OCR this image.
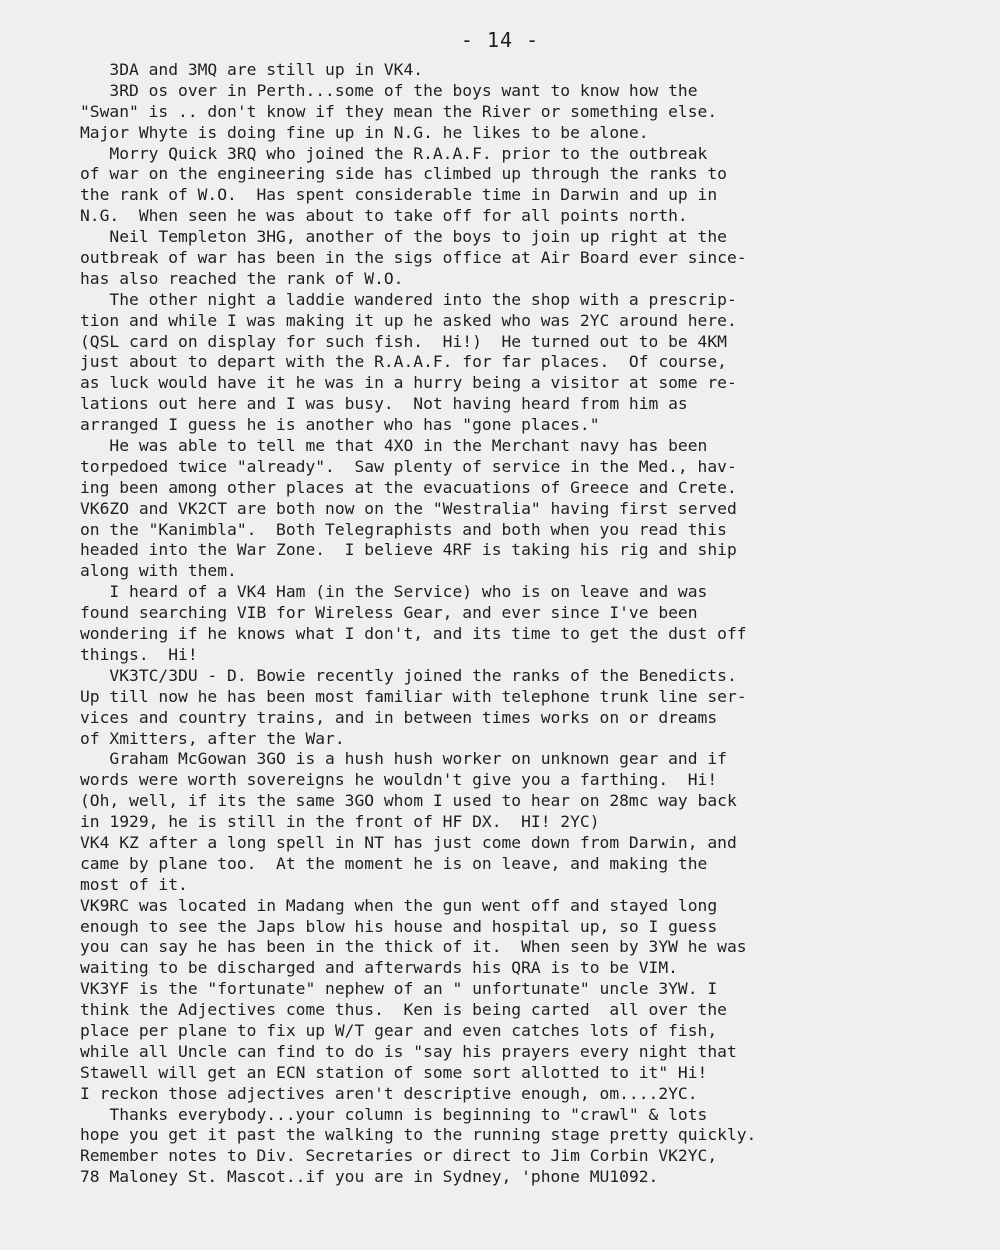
- 14 -
3DA and 3MQ are still up in VK4.
3RD os over in Perth...some of the boys want to know how the
"Swan" is .. don't know if they mean the River or something else.
Major Whyte is doing fine up in N.G. he likes to be alone.
Morry Quick 3RQ who joined the R.A.A.F. prior to the outbreak
of war on the engineering side has climbed up through the ranks to
the rank of W.O.  Has spent considerable time in Darwin and up in
N.G.  When seen he was about to take off for all points north.
Neil Templeton 3HG, another of the boys to join up right at the
outbreak of war has been in the sigs office at Air Board ever since-
has also reached the rank of W.O.
The other night a laddie wandered into the shop with a prescrip-
tion and while I was making it up he asked who was 2YC around here.
(QSL card on display for such fish.  Hi!)  He turned out to be 4KM
just about to depart with the R.A.A.F. for far places.  Of course,
as luck would have it he was in a hurry being a visitor at some re-
lations out here and I was busy.  Not having heard from him as
arranged I guess he is another who has "gone places."
He was able to tell me that 4XO in the Merchant navy has been
torpedoed twice "already".  Saw plenty of service in the Med., hav-
ing been among other places at the evacuations of Greece and Crete.
VK6ZO and VK2CT are both now on the "Westralia" having first served
on the "Kanimbla".  Both Telegraphists and both when you read this
headed into the War Zone.  I believe 4RF is taking his rig and ship
along with them.
I heard of a VK4 Ham (in the Service) who is on leave and was
found searching VIB for Wireless Gear, and ever since I've been
wondering if he knows what I don't, and its time to get the dust off
things.  Hi!
VK3TC/3DU - D. Bowie recently joined the ranks of the Benedicts.
Up till now he has been most familiar with telephone trunk line ser-
vices and country trains, and in between times works on or dreams
of Xmitters, after the War.
Graham McGowan 3GO is a hush hush worker on unknown gear and if
words were worth sovereigns he wouldn't give you a farthing.  Hi!
(Oh, well, if its the same 3GO whom I used to hear on 28mc way back
in 1929, he is still in the front of HF DX.  HI! 2YC)
VK4 KZ after a long spell in NT has just come down from Darwin, and
came by plane too.  At the moment he is on leave, and making the
most of it.
VK9RC was located in Madang when the gun went off and stayed long
enough to see the Japs blow his house and hospital up, so I guess
you can say he has been in the thick of it.  When seen by 3YW he was
waiting to be discharged and afterwards his QRA is to be VIM.
VK3YF is the "fortunate" nephew of an " unfortunate" uncle 3YW. I
think the Adjectives come thus.  Ken is being carted  all over the
place per plane to fix up W/T gear and even catches lots of fish,
while all Uncle can find to do is "say his prayers every night that
Stawell will get an ECN station of some sort allotted to it" Hi!
I reckon those adjectives aren't descriptive enough, om....2YC.
Thanks everybody...your column is beginning to "crawl" & lots
hope you get it past the walking to the running stage pretty quickly.
Remember notes to Div. Secretaries or direct to Jim Corbin VK2YC,
78 Maloney St. Mascot..if you are in Sydney, 'phone MU1092.
